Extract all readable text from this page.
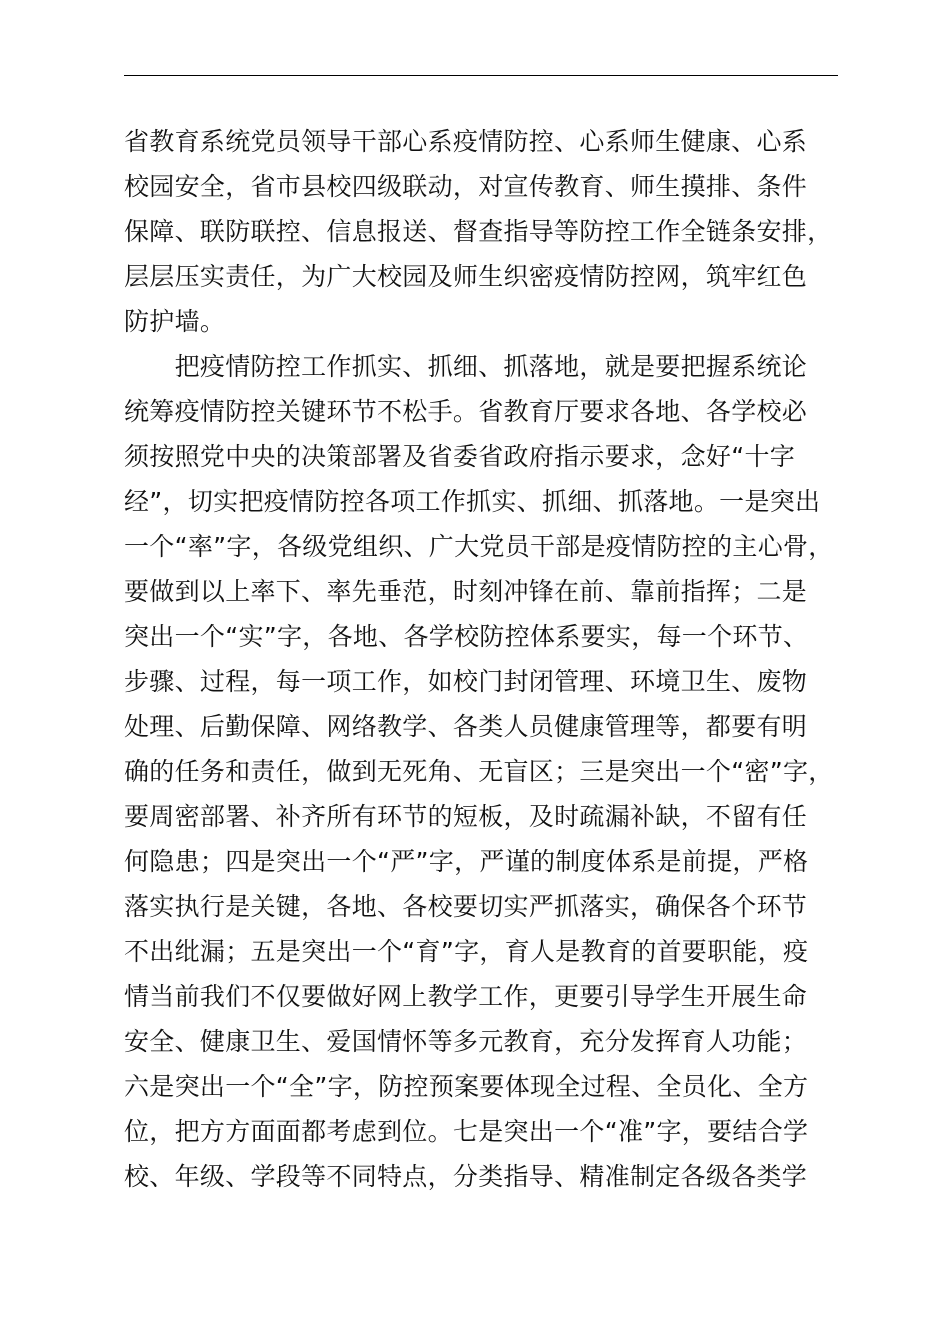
省教育系统党员领导干部心系疫情防控、心系师生健康、心系
校园安全，省市县校四级联动，对宣传教育、师生摸排、条件
保障、联防联控、信息报送、督查指导等防控工作全链条安排，
层层压实责任，为广大校园及师生织密疫情防控网，筑牢红色
防护墙。
　　把疫情防控工作抓实、抓细、抓落地，就是要把握系统论
统筹疫情防控关键环节不松手。省教育厅要求各地、各学校必
须按照党中央的决策部署及省委省政府指示要求，念好“十字
经”，切实把疫情防控各项工作抓实、抓细、抓落地。一是突出
一个“率”字，各级党组织、广大党员干部是疫情防控的主心骨，
要做到以上率下、率先垂范，时刻冲锋在前、靠前指挥；二是
突出一个“实”字，各地、各学校防控体系要实，每一个环节、
步骤、过程，每一项工作，如校门封闭管理、环境卫生、废物
处理、后勤保障、网络教学、各类人员健康管理等，都要有明
确的任务和责任，做到无死角、无盲区；三是突出一个“密”字，
要周密部署、补齐所有环节的短板，及时疏漏补缺，不留有任
何隐患；四是突出一个“严”字，严谨的制度体系是前提，严格
落实执行是关键，各地、各校要切实严抓落实，确保各个环节
不出纰漏；五是突出一个“育”字，育人是教育的首要职能，疫
情当前我们不仅要做好网上教学工作，更要引导学生开展生命
安全、健康卫生、爱国情怀等多元教育，充分发挥育人功能；
六是突出一个“全”字，防控预案要体现全过程、全员化、全方
位，把方方面面都考虑到位。七是突出一个“准”字，要结合学
校、年级、学段等不同特点，分类指导、精准制定各级各类学
